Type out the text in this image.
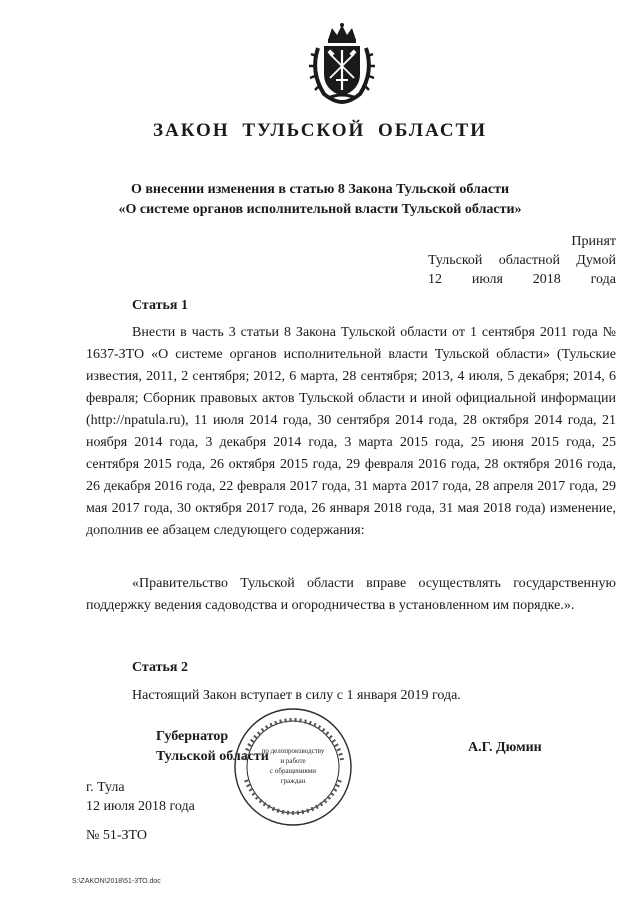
ЗАКОН ТУЛЬСКОЙ ОБЛАСТИ
О внесении изменения в статью 8 Закона Тульской области
«О системе органов исполнительной власти Тульской области»
Принят
Тульской областной Думой
12 июля 2018 года
Статья 1
Внести в часть 3 статьи 8 Закона Тульской области от 1 сентября 2011 года № 1637-ЗТО «О системе органов исполнительной власти Тульской области» (Тульские известия, 2011, 2 сентября; 2012, 6 марта, 28 сентября; 2013, 4 июля, 5 декабря; 2014, 6 февраля; Сборник правовых актов Тульской области и иной официальной информации (http://npatula.ru), 11 июля 2014 года, 30 сентября 2014 года, 28 октября 2014 года, 21 ноября 2014 года, 3 декабря 2014 года, 3 марта 2015 года, 25 июня 2015 года, 25 сентября 2015 года, 26 октября 2015 года, 29 февраля 2016 года, 28 октября 2016 года, 26 декабря 2016 года, 22 февраля 2017 года, 31 марта 2017 года, 28 апреля 2017 года, 29 мая 2017 года, 30 октября 2017 года, 26 января 2018 года, 31 мая 2018 года) изменение, дополнив ее абзацем следующего содержания:
«Правительство Тульской области вправе осуществлять государственную поддержку ведения садоводства и огородничества в установленном им порядке.».
Статья 2
Настоящий Закон вступает в силу с 1 января 2019 года.
Губернатор
Тульской области
А.Г. Дюмин
по делопроизводству
и работе
с обращениями
граждан
г. Тула
12 июля 2018 года
№ 51-ЗТО
S:\ZAKON\2018\51-3ТО.doc
